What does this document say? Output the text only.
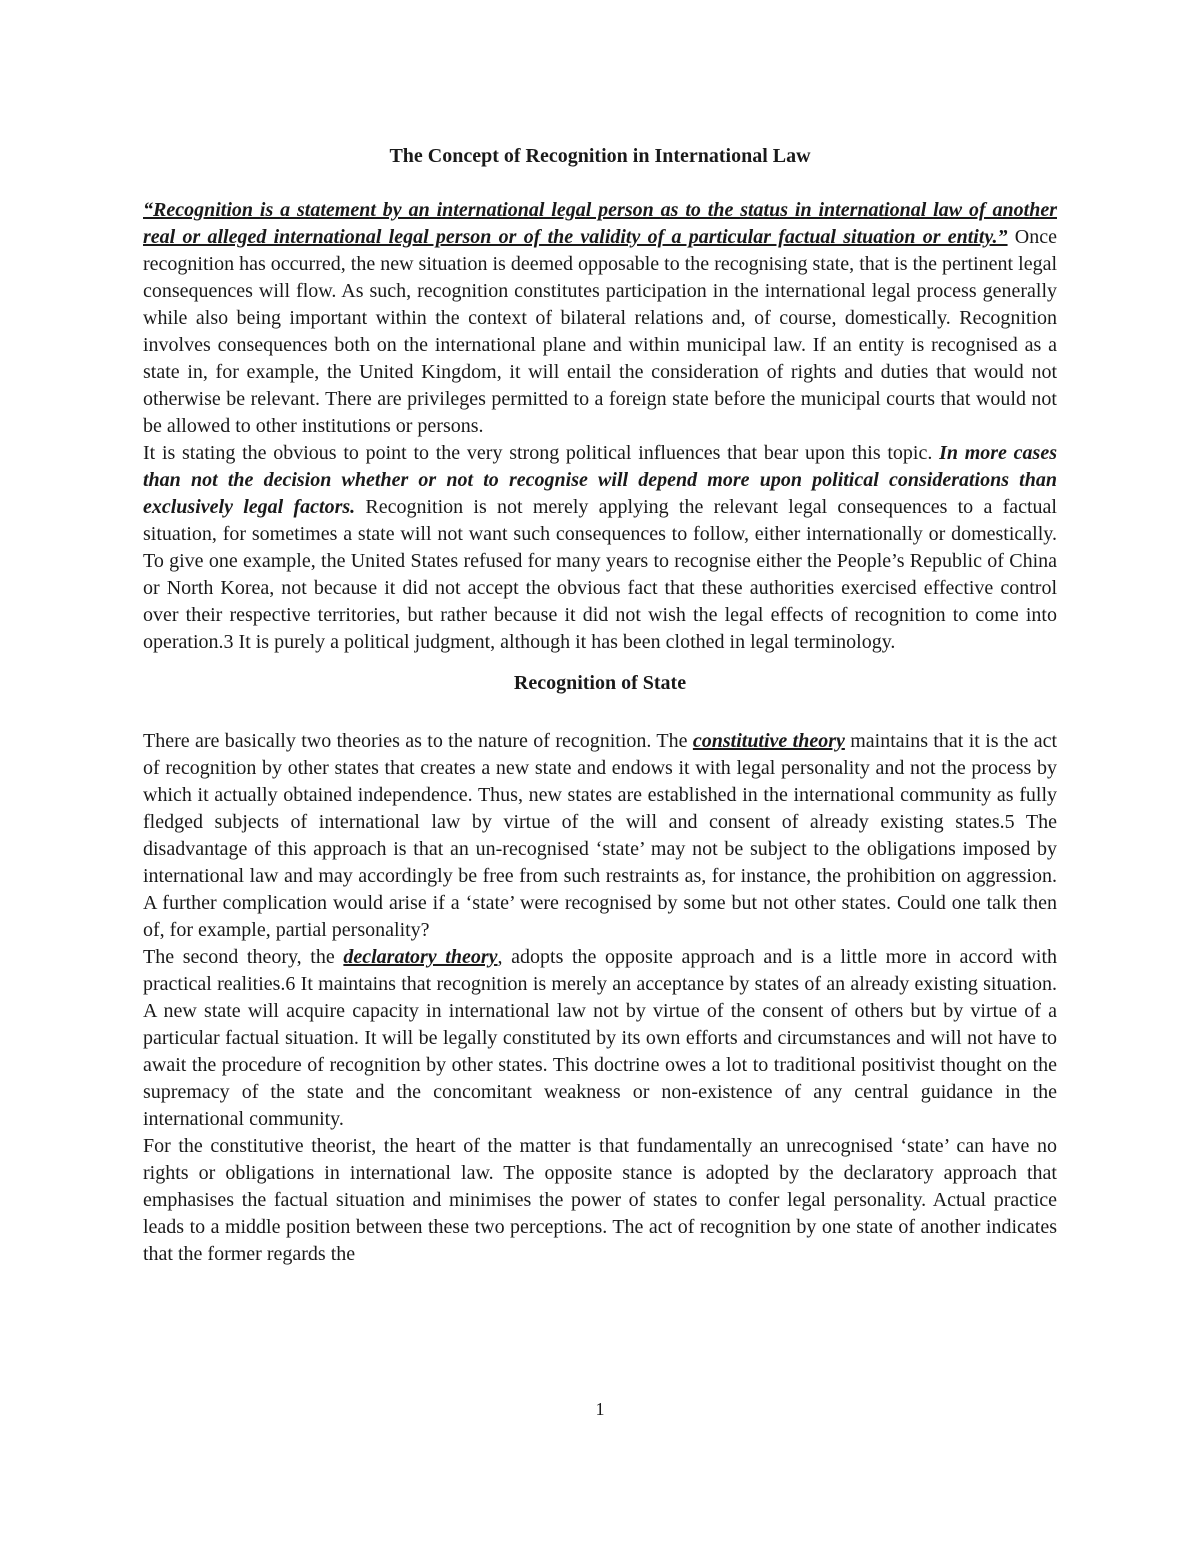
The Concept of Recognition in International Law

“Recognition is a statement by an international legal person as to the status in international law of another real or alleged international legal person or of the validity of a particular factual situation or entity.” Once recognition has occurred, the new situation is deemed opposable to the recognising state, that is the pertinent legal consequences will flow. As such, recognition constitutes participation in the international legal process generally while also being important within the context of bilateral relations and, of course, domestically. Recognition involves consequences both on the international plane and within municipal law. If an entity is recognised as a state in, for example, the United Kingdom, it will entail the consideration of rights and duties that would not otherwise be relevant. There are privileges permitted to a foreign state before the municipal courts that would not be allowed to other institutions or persons.

It is stating the obvious to point to the very strong political influences that bear upon this topic. In more cases than not the decision whether or not to recognise will depend more upon political considerations than exclusively legal factors. Recognition is not merely applying the relevant legal consequences to a factual situation, for sometimes a state will not want such consequences to follow, either internationally or domestically. To give one example, the United States refused for many years to recognise either the People’s Republic of China or North Korea, not because it did not accept the obvious fact that these authorities exercised effective control over their respective territories, but rather because it did not wish the legal effects of recognition to come into operation.3 It is purely a political judgment, although it has been clothed in legal terminology.

Recognition of State

There are basically two theories as to the nature of recognition. The constitutive theory maintains that it is the act of recognition by other states that creates a new state and endows it with legal personality and not the process by which it actually obtained independence. Thus, new states are established in the international community as fully fledged subjects of international law by virtue of the will and consent of already existing states.5 The disadvantage of this approach is that an un-recognised ‘state’ may not be subject to the obligations imposed by international law and may accordingly be free from such restraints as, for instance, the prohibition on aggression. A further complication would arise if a ‘state’ were recognised by some but not other states. Could one talk then of, for example, partial personality?

The second theory, the declaratory theory, adopts the opposite approach and is a little more in accord with practical realities.6 It maintains that recognition is merely an acceptance by states of an already existing situation. A new state will acquire capacity in international law not by virtue of the consent of others but by virtue of a particular factual situation. It will be legally constituted by its own efforts and circumstances and will not have to await the procedure of recognition by other states. This doctrine owes a lot to traditional positivist thought on the supremacy of the state and the concomitant weakness or non-existence of any central guidance in the international community.

For the constitutive theorist, the heart of the matter is that fundamentally an unrecognised ‘state’ can have no rights or obligations in international law. The opposite stance is adopted by the declaratory approach that emphasises the factual situation and minimises the power of states to confer legal personality. Actual practice leads to a middle position between these two perceptions. The act of recognition by one state of another indicates that the former regards the

1
